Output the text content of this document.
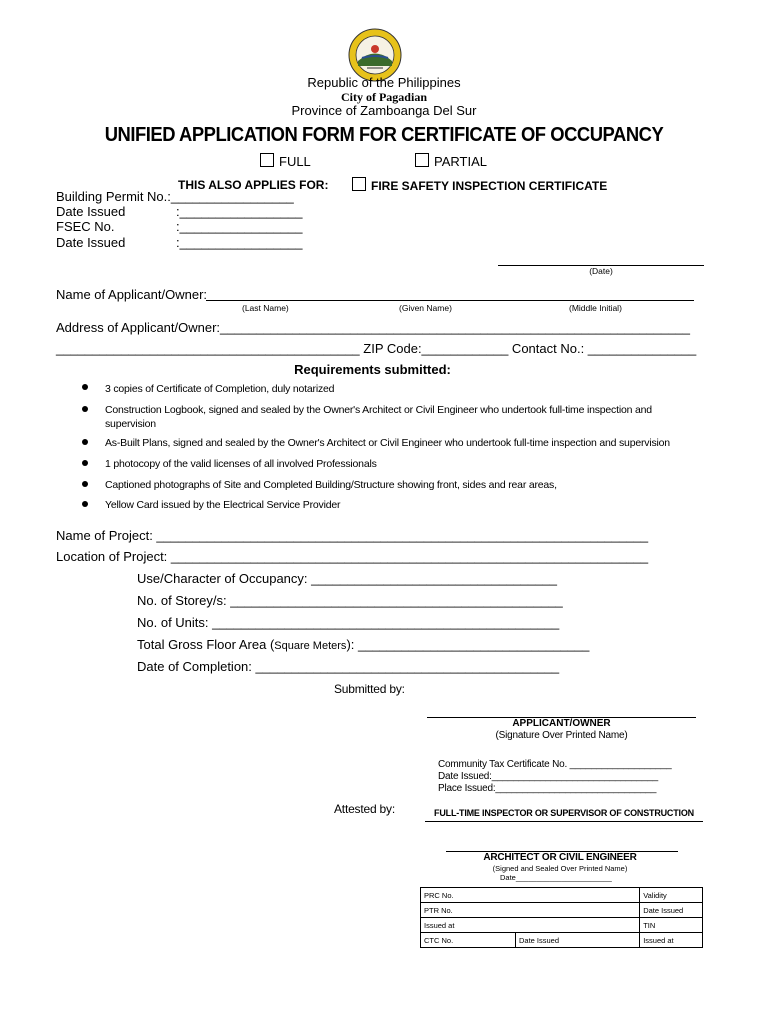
Republic of the Philippines
City of Pagadian
Province of Zamboanga Del Sur
UNIFIED APPLICATION FORM FOR CERTIFICATE OF OCCUPANCY
FULL	PARTIAL
THIS ALSO APPLIES FOR:	FIRE SAFETY INSPECTION CERTIFICATE
Building Permit No.:_________________
Date Issued	:_________________
FSEC No.	:_________________
Date Issued	:_________________
(Date)
Name of Applicant/Owner:
(Last Name)	(Given Name)	(Middle Initial)
Address of Applicant/Owner:_________________________________________________________________
__________________________________________ ZIP Code:____________ Contact No.: _______________
Requirements submitted:
3 copies of Certificate of Completion, duly notarized
Construction Logbook, signed and sealed by the Owner's Architect or Civil Engineer who undertook full-time inspection and
supervision
As-Built Plans, signed and sealed by the Owner's Architect or Civil Engineer who undertook full-time inspection and supervision
1 photocopy of the valid licenses of all involved Professionals
Captioned photographs of Site and Completed Building/Structure showing front, sides and rear areas,
Yellow Card issued by the Electrical Service Provider
Name of Project: ____________________________________________________________________
Location of Project: __________________________________________________________________
Use/Character of Occupancy: __________________________________
No. of Storey/s: ______________________________________________
No. of Units: ________________________________________________
Total Gross Floor Area (Square Meters): ________________________________
Date of Completion: __________________________________________
Submitted by:
APPLICANT/OWNER
(Signature Over Printed Name)
Community Tax Certificate No. ___________________
Date Issued:_______________________________
Place Issued:______________________________
Attested by:	FULL-TIME INSPECTOR OR SUPERVISOR OF CONSTRUCTION
ARCHITECT OR CIVIL ENGINEER
(Signed and Sealed Over Printed Name)
Date_______________________
PRC No.		Validity
PTR No.		Date Issued
Issued at		TIN
CTC No.	Date Issued	Issued at
